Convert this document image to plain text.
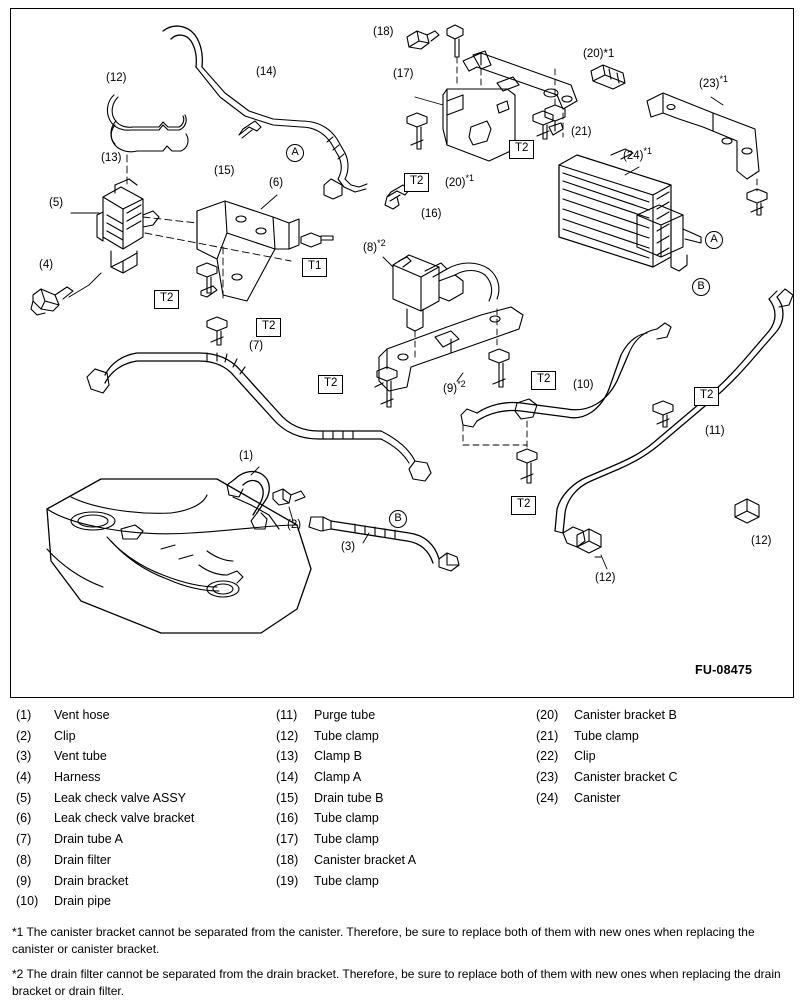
(12)
(13)
(14)
(15)
(16)
(18)
(17)
(20)*1
(21)
$(23)^{*1}$
$(24)^{*1}$
$(20)^{*1}$
(5)
(4)
(6)
(7)
$(8)^{*2}$
$(9)^{*2}$	(10)
(11)
(12)
(12)
(1)
(2)
(3)
T1
T2
T2
T2
T2
T2
T2
T2
T2
A
A
B
B
FU-08475
(1)	Vent hose
(2)	Clip
(3)	Vent tube
(4)	Harness
(5)	Leak check valve ASSY
(6)	Leak check valve bracket
(7)	Drain tube A
(8)	Drain filter
(9)	Drain bracket
(10)	Drain pipe
(11)	Purge tube
(12)	Tube clamp
(13)	Clamp B
(14)	Clamp A
(15)	Drain tube B
(16)	Tube clamp
(17)	Tube clamp
(18)	Canister bracket A
(19)	Tube clamp
(20)	Canister bracket B
(21)	Tube clamp
(22)	Clip
(23)	Canister bracket C
(24)	Canister
*1 The canister bracket cannot be separated from the canister. Therefore, be sure to replace both of them with new ones when replacing the canister or canister bracket.
*2 The drain filter cannot be separated from the drain bracket. Therefore, be sure to replace both of them with new ones when replacing the drain bracket or drain filter.
